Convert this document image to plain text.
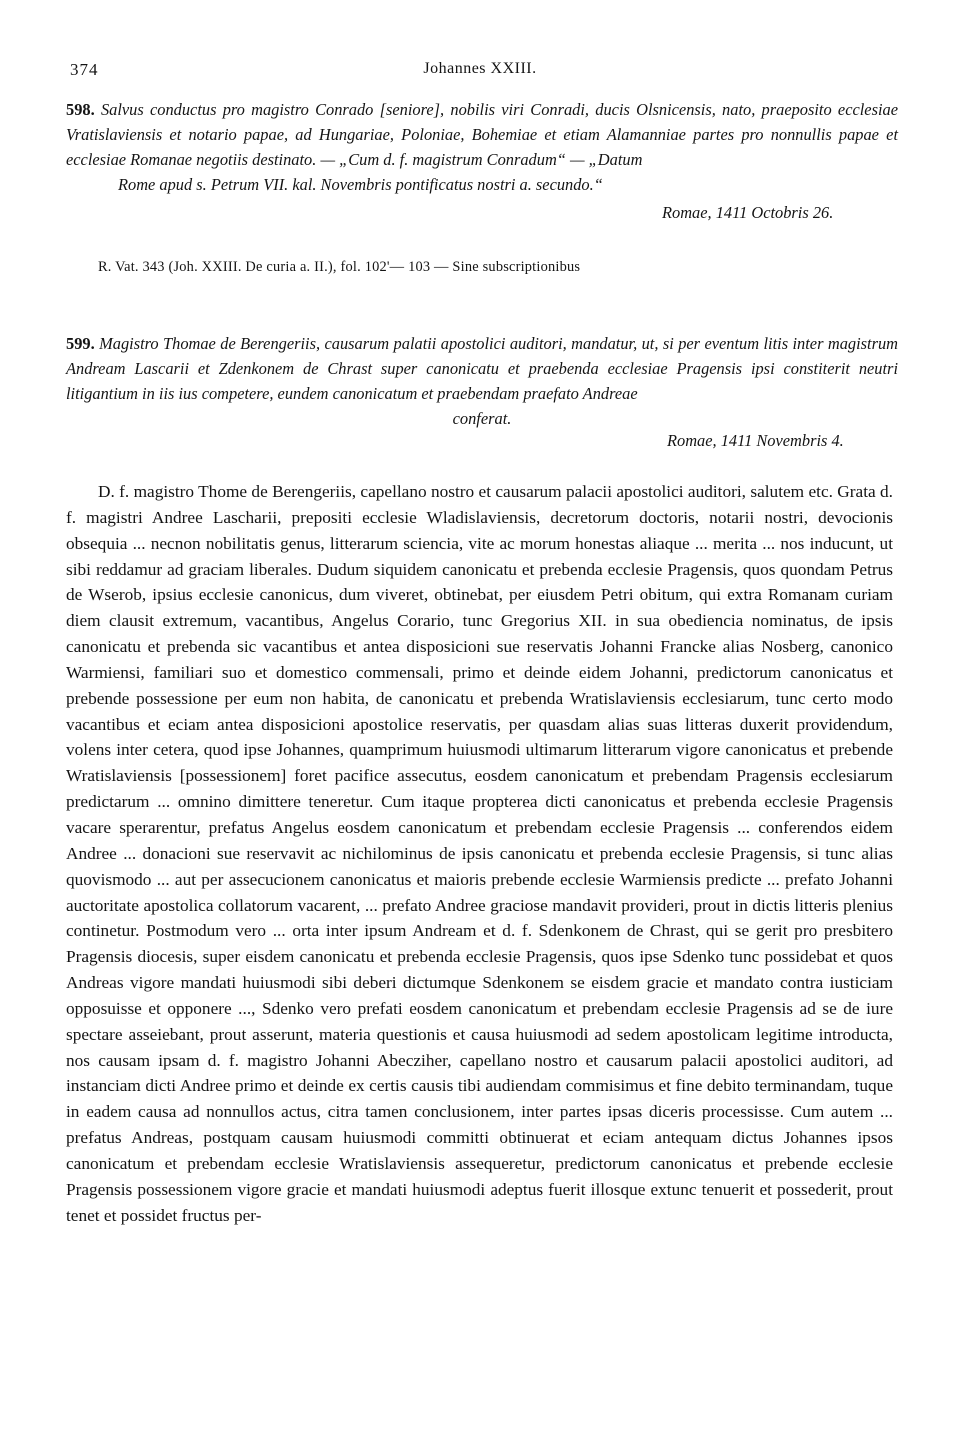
374	Johannes XXIII.
598. Salvus conductus pro magistro Conrado [seniore], nobilis viri Conradi, ducis Olsnicensis, nato, praeposito ecclesiae Vratislaviensis et notario papae, ad Hungariae, Poloniae, Bohemiae et etiam Alamanniae partes pro nonnullis papae et ecclesiae Romanae negotiis destinato. — „Cum d. f. magistrum Conradum“ — „Datum
Rome apud s. Petrum VII. kal. Novembris pontificatus nostri a. secundo.“
Romae, 1411 Octobris 26.
R. Vat. 343 (Joh. XXIII. De curia a. II.), fol. 102'— 103 — Sine subscriptionibus
599. Magistro Thomae de Berengeriis, causarum palatii apostolici auditori, mandatur, ut, si per eventum litis inter magistrum Andream Lascarii et Zdenkonem de Chrast super canonicatu et praebenda ecclesiae Pragensis ipsi constiterit neutri litigantium in iis ius competere, eundem canonicatum et praebendam praefato Andreae
conferat.
Romae, 1411 Novembris 4.

D. f. magistro Thome de Berengeriis, capellano nostro et causarum palacii apostolici auditori, salutem etc. Grata d. f. magistri Andree Lascharii, prepositi ecclesie Wladislaviensis, decretorum doctoris, notarii nostri, devocionis obsequia ... necnon nobilitatis genus, litterarum sciencia, vite ac morum honestas aliaque ... merita ... nos inducunt, ut sibi reddamur ad graciam liberales. Dudum siquidem canonicatu et prebenda ecclesie Pragensis, quos quondam Petrus de Wserob, ipsius ecclesie canonicus, dum viveret, obtinebat, per eiusdem Petri obitum, qui extra Romanam curiam diem clausit extremum, vacantibus, Angelus Corario, tunc Gregorius XII. in sua obediencia nominatus, de ipsis canonicatu et prebenda sic vacantibus et antea disposicioni sue reservatis Johanni Francke alias Nosberg, canonico Warmiensi, familiari suo et domestico commensali, primo et deinde eidem Johanni, predictorum canonicatus et prebende possessione per eum non habita, de canonicatu et prebenda Wratislaviensis ecclesiarum, tunc certo modo vacantibus et eciam antea disposicioni apostolice reservatis, per quasdam alias suas litteras duxerit providendum, volens inter cetera, quod ipse Johannes, quamprimum huiusmodi ultimarum litterarum vigore canonicatus et prebende Wratislaviensis [possessionem] foret pacifice assecutus, eosdem canonicatum et prebendam Pragensis ecclesiarum predictarum ... omnino dimittere teneretur. Cum itaque propterea dicti canonicatus et prebenda ecclesie Pragensis vacare sperarentur, prefatus Angelus eosdem canonicatum et prebendam ecclesie Pragensis ... conferendos eidem Andree ... donacioni sue reservavit ac nichilominus de ipsis canonicatu et prebenda ecclesie Pragensis, si tunc alias quovismodo ... aut per assecucionem canonicatus et maioris prebende ecclesie Warmiensis predicte ... prefato Johanni auctoritate apostolica collatorum vacarent, ... prefato Andree graciose mandavit provideri, prout in dictis litteris plenius continetur. Postmodum vero ... orta inter ipsum Andream et d. f. Sdenkonem de Chrast, qui se gerit pro presbitero Pragensis diocesis, super eisdem canonicatu et prebenda ecclesie Pragensis, quos ipse Sdenko tunc possidebat et quos Andreas vigore mandati huiusmodi sibi deberi dictumque Sdenkonem se eisdem gracie et mandato contra iusticiam opposuisse et opponere ..., Sdenko vero prefati eosdem canonicatum et prebendam ecclesie Pragensis ad se de iure spectare asseiebant, prout asserunt, materia questionis et causa huiusmodi ad sedem apostolicam legitime introducta, nos causam ipsam d. f. magistro Johanni Abecziher, capellano nostro et causarum palacii apostolici auditori, ad instanciam dicti Andree primo et deinde ex certis causis tibi audiendam commisimus et fine debito terminandam, tuque in eadem causa ad nonnullos actus, citra tamen conclusionem, inter partes ipsas diceris processisse. Cum autem ... prefatus Andreas, postquam causam huiusmodi committi obtinuerat et eciam antequam dictus Johannes ipsos canonicatum et prebendam ecclesie Wratislaviensis assequeretur, predictorum canonicatus et prebende ecclesie Pragensis possessionem vigore gracie et mandati huiusmodi adeptus fuerit illosque extunc tenuerit et possederit, prout tenet et possidet fructus per-
